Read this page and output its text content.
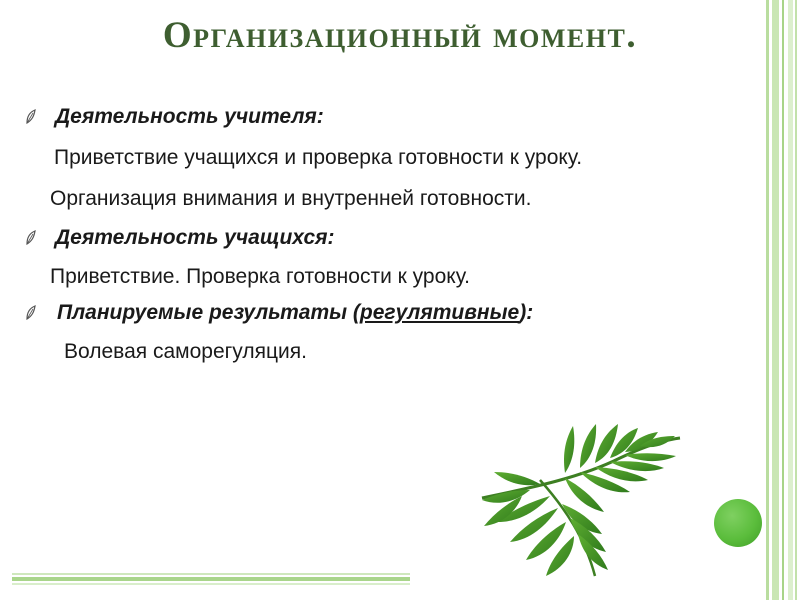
Организационный момент.
Деятельность учителя:
Приветствие учащихся и проверка готовности к уроку.
Организация внимания и внутренней готовности.
Деятельность учащихся:
Приветствие. Проверка готовности к уроку.
Планируемые результаты (регулятивные):
Волевая саморегуляция.
